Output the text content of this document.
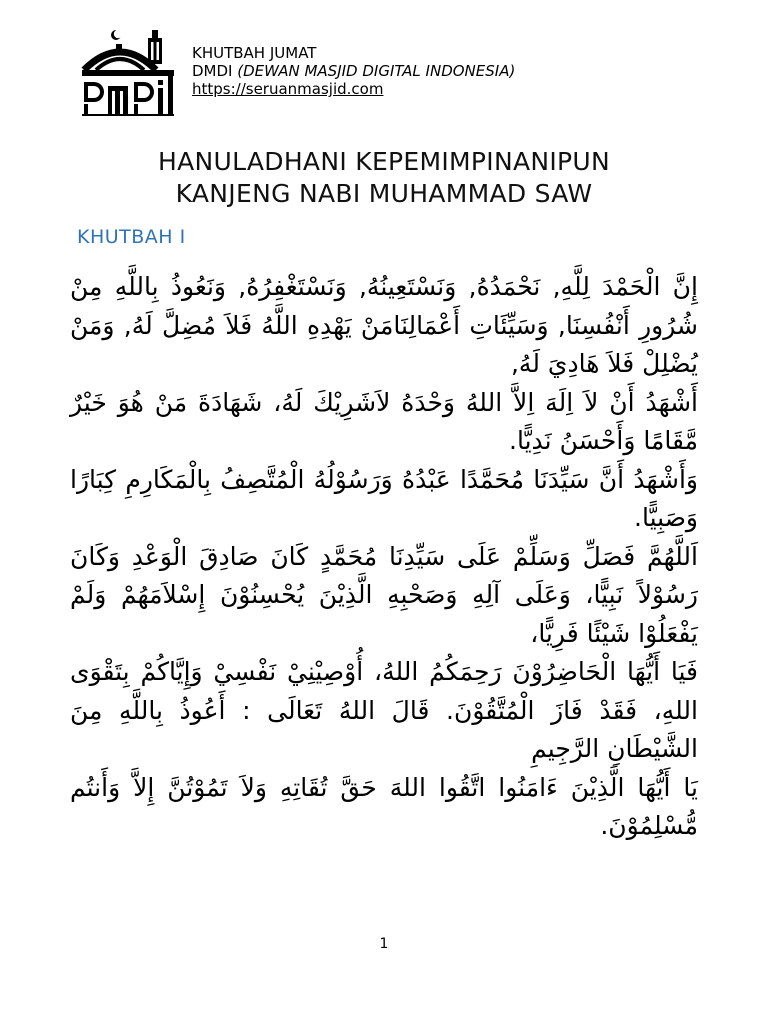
KHUTBAH JUMAT
DMDI (DEWAN MASJID DIGITAL INDONESIA)
https://seruanmasjid.com
HANULADHANI KEPEMIMPINANIPUN
KANJENG NABI MUHAMMAD SAW
KHUTBAH I

إِنَّ الْحَمْدَ لِلَّهِ, نَحْمَدُهُ, وَنَسْتَعِينُهُ, وَنَسْتَغْفِرُهُ, وَنَعُوذُ بِاللَّهِ مِنْ شُرُورِ أَنْفُسِنَا, وَسَيِّئَاتِ أَعْمَالِنَامَنْ يَهْدِهِ اللَّهُ فَلاَ مُضِلَّ لَهُ, وَمَنْ يُضْلِلْ فَلاَ هَادِيَ لَهُ,

أَشْهَدُ أَنْ لاَ اِلَهَ اِلاَّ اللهُ وَحْدَهُ لاَشَرِيْكَ لَهُ، شَهَادَةَ مَنْ هُوَ خَيْرٌ مَّقَامًا وَأَحْسَنُ نَدِيًّا.

وَأَشْهَدُ أَنَّ سَيِّدَنَا مُحَمَّدًا عَبْدُهُ وَرَسُوْلُهُ الْمُتَّصِفُ بِالْمَكَارِمِ كِبَارًا وَصَبِيًّا.

اَللَّهُمَّ فَصَلِّ وَسَلِّمْ عَلَى سَيِّدِنَا مُحَمَّدٍ كَانَ صَادِقَ الْوَعْدِ وَكَانَ رَسُوْلاً نَبِيًّا، وَعَلَى آلِهِ وَصَحْبِهِ الَّذِيْنَ يُحْسِنُوْنَ إِسْلاَمَهُمْ وَلَمْ يَفْعَلُوْا شَيْئًا فَرِيًّا،

فَيَا أَيُّهَا الْحَاضِرُوْنَ رَحِمَكُمُ اللهُ، أُوْصِيْنِيْ نَفْسِيْ وَإِيَّاكُمْ بِتَقْوَى اللهِ، فَقَدْ فَازَ الْمُتَّقُوْنَ. قَالَ اللهُ تَعَالَى : أَعُوذُ بِاللَّهِ مِنَ الشَّيْطَانِ الرَّجِيمِ

يَا أَيُّهَا الَّذِيْنَ ءَامَنُوا اتَّقُوا اللهَ حَقَّ تُقَاتِهِ وَلاَ تَمُوْتُنَّ إِلاَّ وَأَنتُم مُّسْلِمُوْنَ.

1
